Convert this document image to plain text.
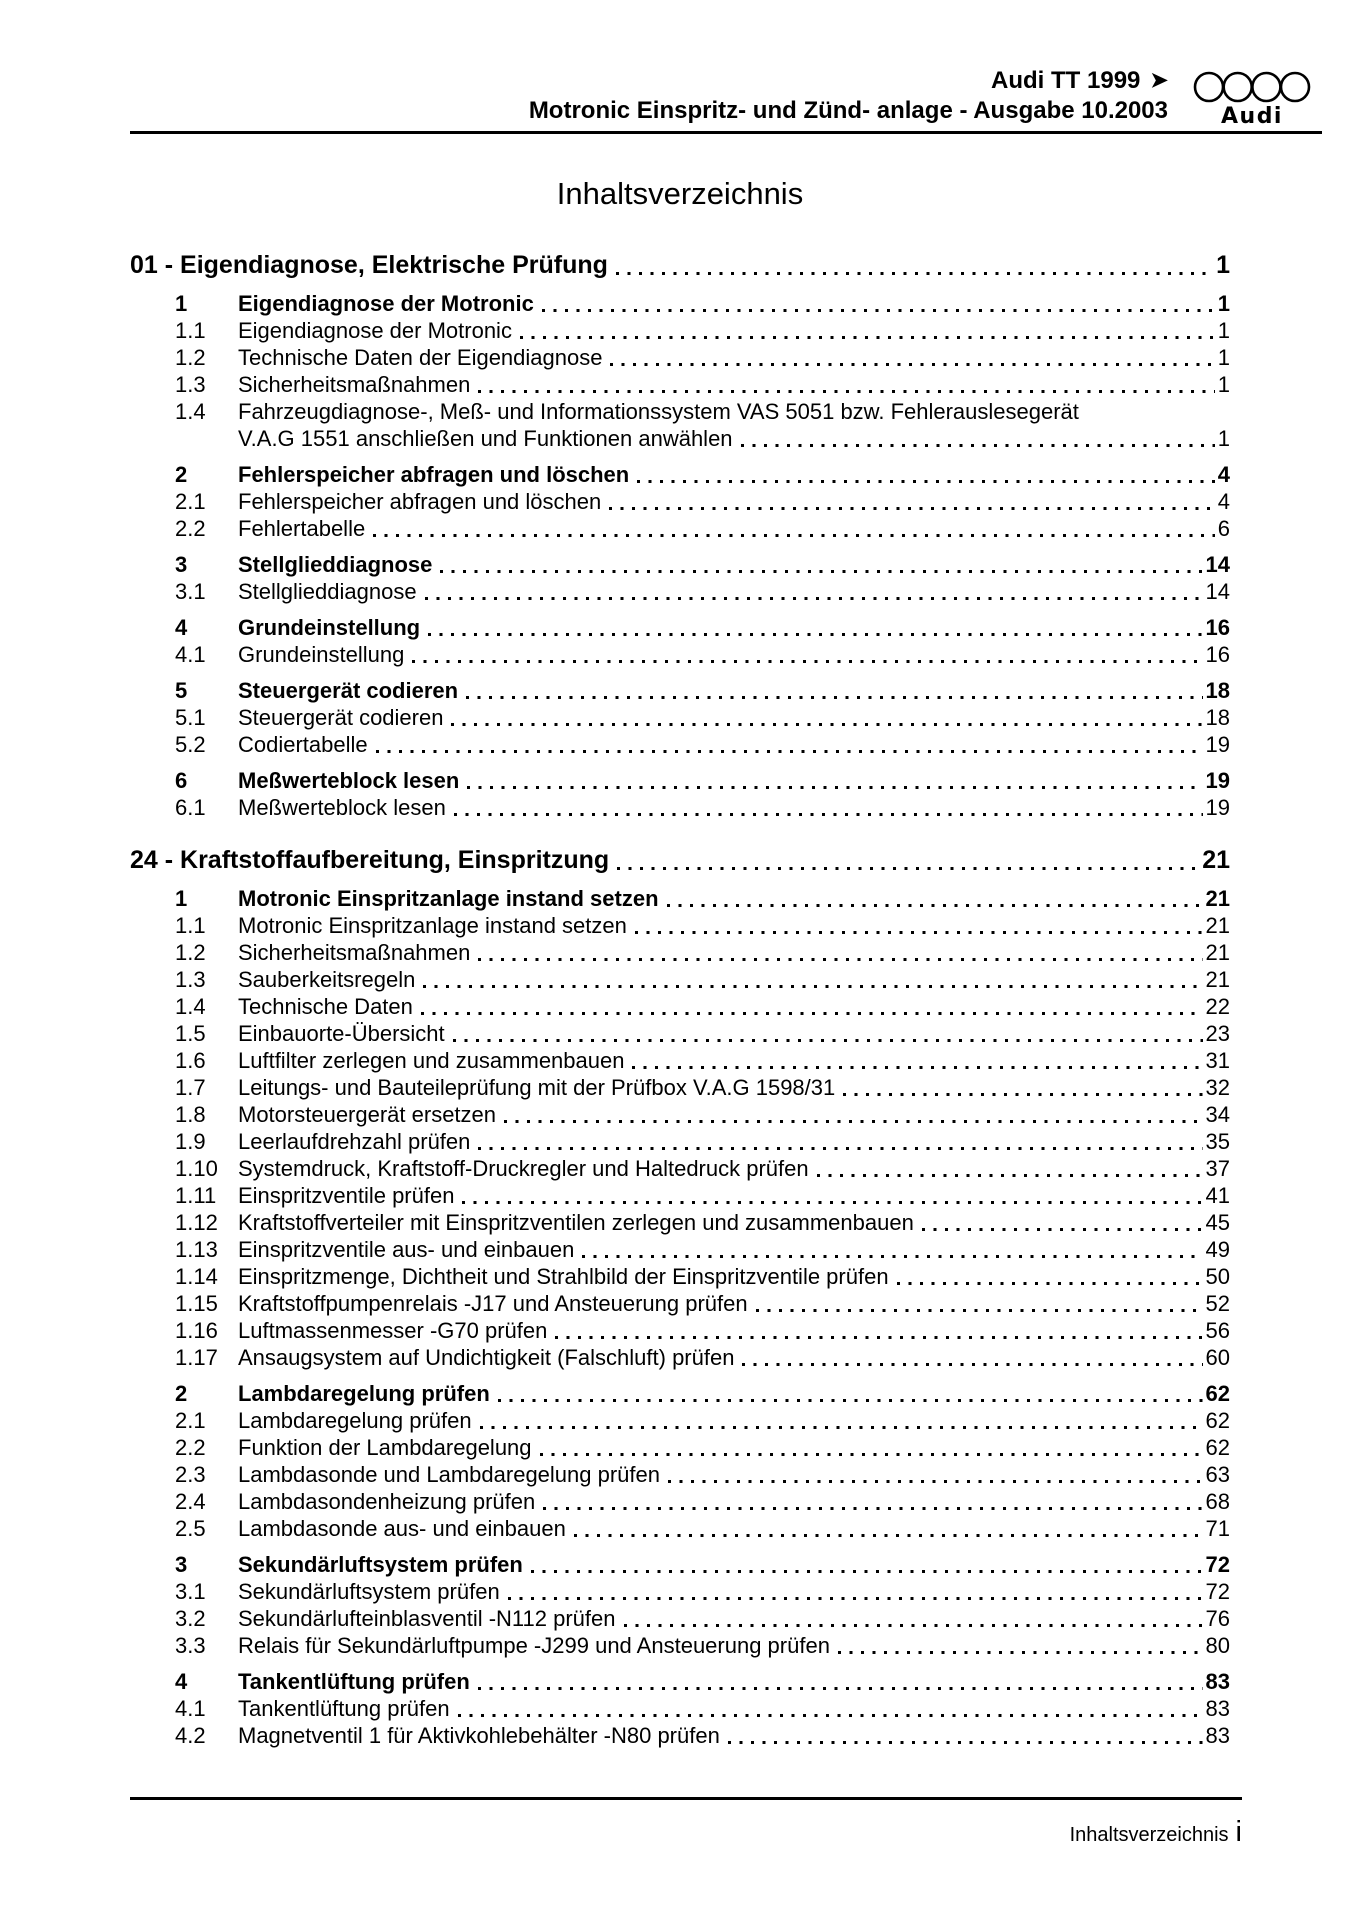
Audi TT 1999 ➤
Motronic Einspritz- und Zünd- anlage - Ausgabe 10.2003	Audi
Inhaltsverzeichnis
01 - Eigendiagnose, Elektrische Prüfung	1
1	Eigendiagnose der Motronic	1
1.1	Eigendiagnose der Motronic	1
1.2	Technische Daten der Eigendiagnose	1
1.3	Sicherheitsmaßnahmen	1
1.4	Fahrzeugdiagnose-, Meß- und Informationssystem VAS 5051 bzw. Fehlerauslesegerät
V.A.G 1551 anschließen und Funktionen anwählen	1
2	Fehlerspeicher abfragen und löschen	4
2.1	Fehlerspeicher abfragen und löschen	4
2.2	Fehlertabelle	6
3	Stellglieddiagnose	14
3.1	Stellglieddiagnose	14
4	Grundeinstellung	16
4.1	Grundeinstellung	16
5	Steuergerät codieren	18
5.1	Steuergerät codieren	18
5.2	Codiertabelle	19
6	Meßwerteblock lesen	19
6.1	Meßwerteblock lesen	19
24 - Kraftstoffaufbereitung, Einspritzung	21
1	Motronic Einspritzanlage instand setzen	21
1.1	Motronic Einspritzanlage instand setzen	21
1.2	Sicherheitsmaßnahmen	21
1.3	Sauberkeitsregeln	21
1.4	Technische Daten	22
1.5	Einbauorte-Übersicht	23
1.6	Luftfilter zerlegen und zusammenbauen	31
1.7	Leitungs- und Bauteileprüfung mit der Prüfbox V.A.G 1598/31	32
1.8	Motorsteuergerät ersetzen	34
1.9	Leerlaufdrehzahl prüfen	35
1.10 Systemdruck, Kraftstoff-Druckregler und Haltedruck prüfen	37
1.11 Einspritzventile prüfen	41
1.12 Kraftstoffverteiler mit Einspritzventilen zerlegen und zusammenbauen	45
1.13 Einspritzventile aus- und einbauen	49
1.14 Einspritzmenge, Dichtheit und Strahlbild der Einspritzventile prüfen	50
1.15 Kraftstoffpumpenrelais -J17 und Ansteuerung prüfen	52
1.16 Luftmassenmesser -G70 prüfen	56
1.17 Ansaugsystem auf Undichtigkeit (Falschluft) prüfen	60
2	Lambdaregelung prüfen	62
2.1	Lambdaregelung prüfen	62
2.2	Funktion der Lambdaregelung	62
2.3	Lambdasonde und Lambdaregelung prüfen	63
2.4	Lambdasondenheizung prüfen	68
2.5	Lambdasonde aus- und einbauen	71
3	Sekundärluftsystem prüfen	72
3.1	Sekundärluftsystem prüfen	72
3.2	Sekundärlufteinblasventil -N112 prüfen	76
3.3	Relais für Sekundärluftpumpe -J299 und Ansteuerung prüfen	80
4	Tankentlüftung prüfen	83
4.1	Tankentlüftung prüfen	83
4.2	Magnetventil 1 für Aktivkohlebehälter -N80 prüfen	83
Inhaltsverzeichnis i
